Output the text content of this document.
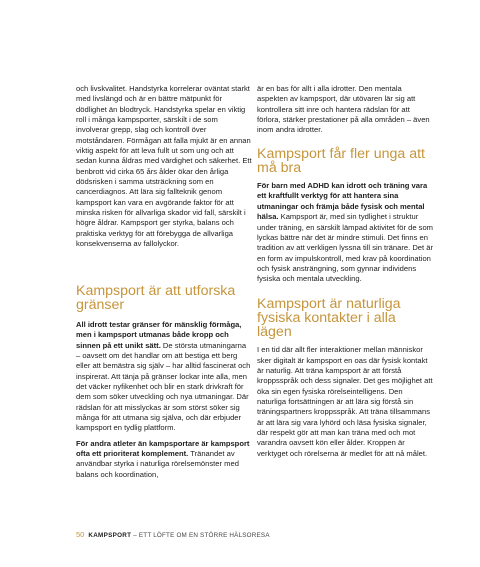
och livskvalitet. Handstyrka korrelerar oväntat starkt med livslängd och är en bättre mätpunkt för dödlighet än blodtryck. Handstyrka spelar en viktig roll i många kampsporter, särskilt i de som involverar grepp, slag och kontroll över motståndaren. Förmågan att falla mjukt är en annan viktig aspekt för att leva fullt ut som ung och att sedan kunna åldras med värdighet och säkerhet. Ett benbrott vid cirka 65 års ålder ökar den årliga dödsrisken i samma utsträckning som en cancerdiagnos. Att lära sig fallteknik genom kampsport kan vara en avgörande faktor för att minska risken för allvarliga skador vid fall, särskilt i högre åldrar. Kampsport ger styrka, balans och praktiska verktyg för att förebygga de allvarliga konsekvenserna av fallolyckor.

Kampsport är att utforska gränser

All idrott testar gränser för mänsklig förmåga, men i kampsport utmanas både kropp och sinnen på ett unikt sätt. De största utmaningarna – oavsett om det handlar om att bestiga ett berg eller att bemästra sig själv – har alltid fascinerat och inspirerat. Att tänja på gränser lockar inte alla, men det väcker nyfikenhet och blir en stark drivkraft för dem som söker utveckling och nya utmaningar. Där rädslan för att misslyckas är som störst söker sig många för att utmana sig själva, och där erbjuder kampsport en tydlig plattform.

För andra atleter än kampsportare är kampsport ofta ett prioriterat komplement. Tränandet av användbar styrka i naturliga rörelsemönster med balans och koordination,

är en bas för allt i alla idrotter. Den mentala aspekten av kampsport, där utövaren lär sig att kontrollera sitt inre och hantera rädslan för att förlora, stärker prestationer på alla områden – även inom andra idrotter.

Kampsport får fler unga att må bra

För barn med ADHD kan idrott och träning vara ett kraftfullt verktyg för att hantera sina utmaningar och främja både fysisk och mental hälsa. Kampsport är, med sin tydlighet i struktur under träning, en särskilt lämpad aktivitet för de som lyckas bättre när det är mindre stimuli. Det finns en tradition av att verkligen lyssna till sin tränare. Det är en form av impulskontroll, med krav på koordination och fysisk ansträngning, som gynnar individens fysiska och mentala utveckling.

Kampsport är naturliga fysiska kontakter i alla lägen

I en tid där allt fler interaktioner mellan människor sker digitalt är kampsport en oas där fysisk kontakt är naturlig. Att träna kampsport är att förstå kroppsspråk och dess signaler. Det ges möjlighet att öka sin egen fysiska rörelseintelligens. Den naturliga fortsättningen är att lära sig förstå sin träningspartners kroppsspråk. Att träna tillsammans är att lära sig vara lyhörd och läsa fysiska signaler, där respekt gör att man kan träna med och mot varandra oavsett kön eller ålder. Kroppen är verktyget och rörelserna är medlet för att nå målet.

50 KAMPSPORT – ETT LÖFTE OM EN STÖRRE HÄLSORESA
